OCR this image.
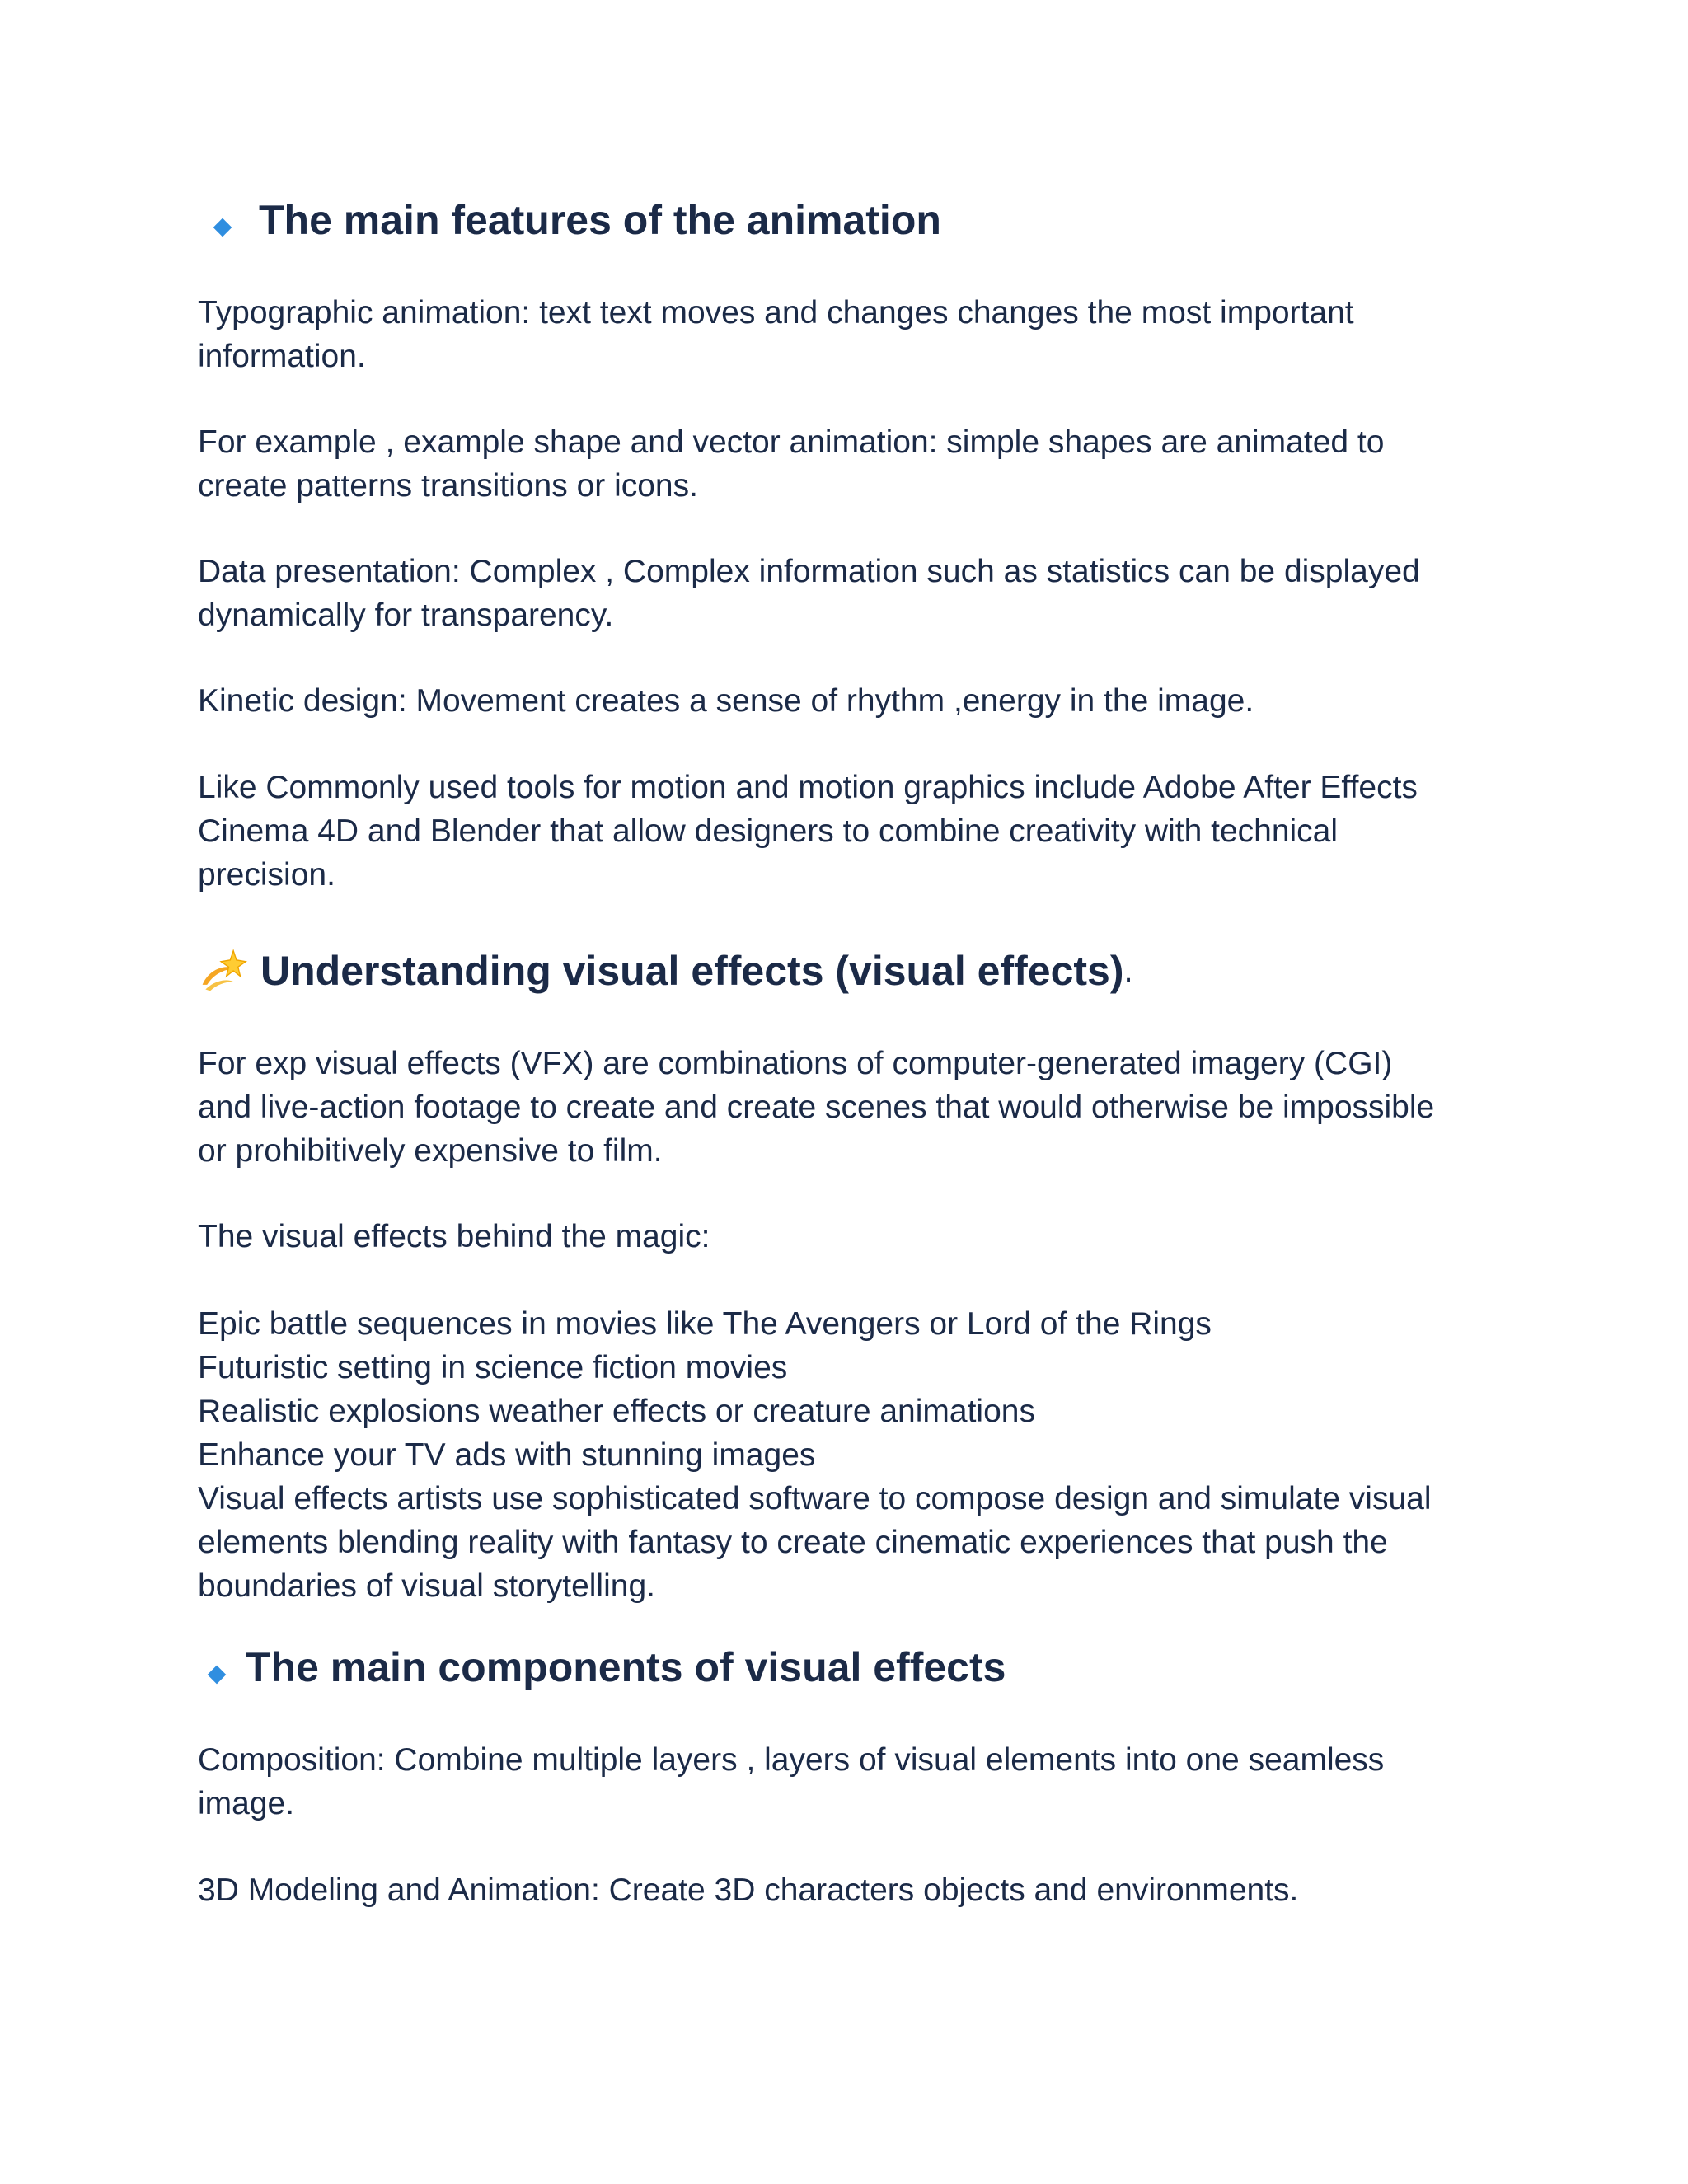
The main features of the animation
Typographic animation: text text moves and changes changes the most important
information.
For example , example shape and vector animation: simple shapes are animated to
create patterns transitions or icons.
Data presentation: Complex , Complex information such as statistics can be displayed
dynamically for transparency.
Kinetic design: Movement creates a sense of rhythm ,energy in the image.
Like Commonly used tools for motion and motion graphics include Adobe After Effects
Cinema 4D and Blender that allow designers to combine creativity with technical
precision.
Understanding visual effects (visual effects) .
For exp visual effects (VFX) are combinations of computer-generated imagery (CGI)
and live-action footage to create and create scenes that would otherwise be impossible
or prohibitively expensive to film.
The visual effects behind the magic:
Epic battle sequences in movies like The Avengers or Lord of the Rings
Futuristic setting in science fiction movies
Realistic explosions weather effects or creature animations
Enhance your TV ads with stunning images
Visual effects artists use sophisticated software to compose design and simulate visual
elements blending reality with fantasy to create cinematic experiences that push the
boundaries of visual storytelling.
The main components of visual effects
Composition: Combine multiple layers , layers of visual elements into one seamless
image.
3D Modeling and Animation: Create 3D characters objects and environments.
